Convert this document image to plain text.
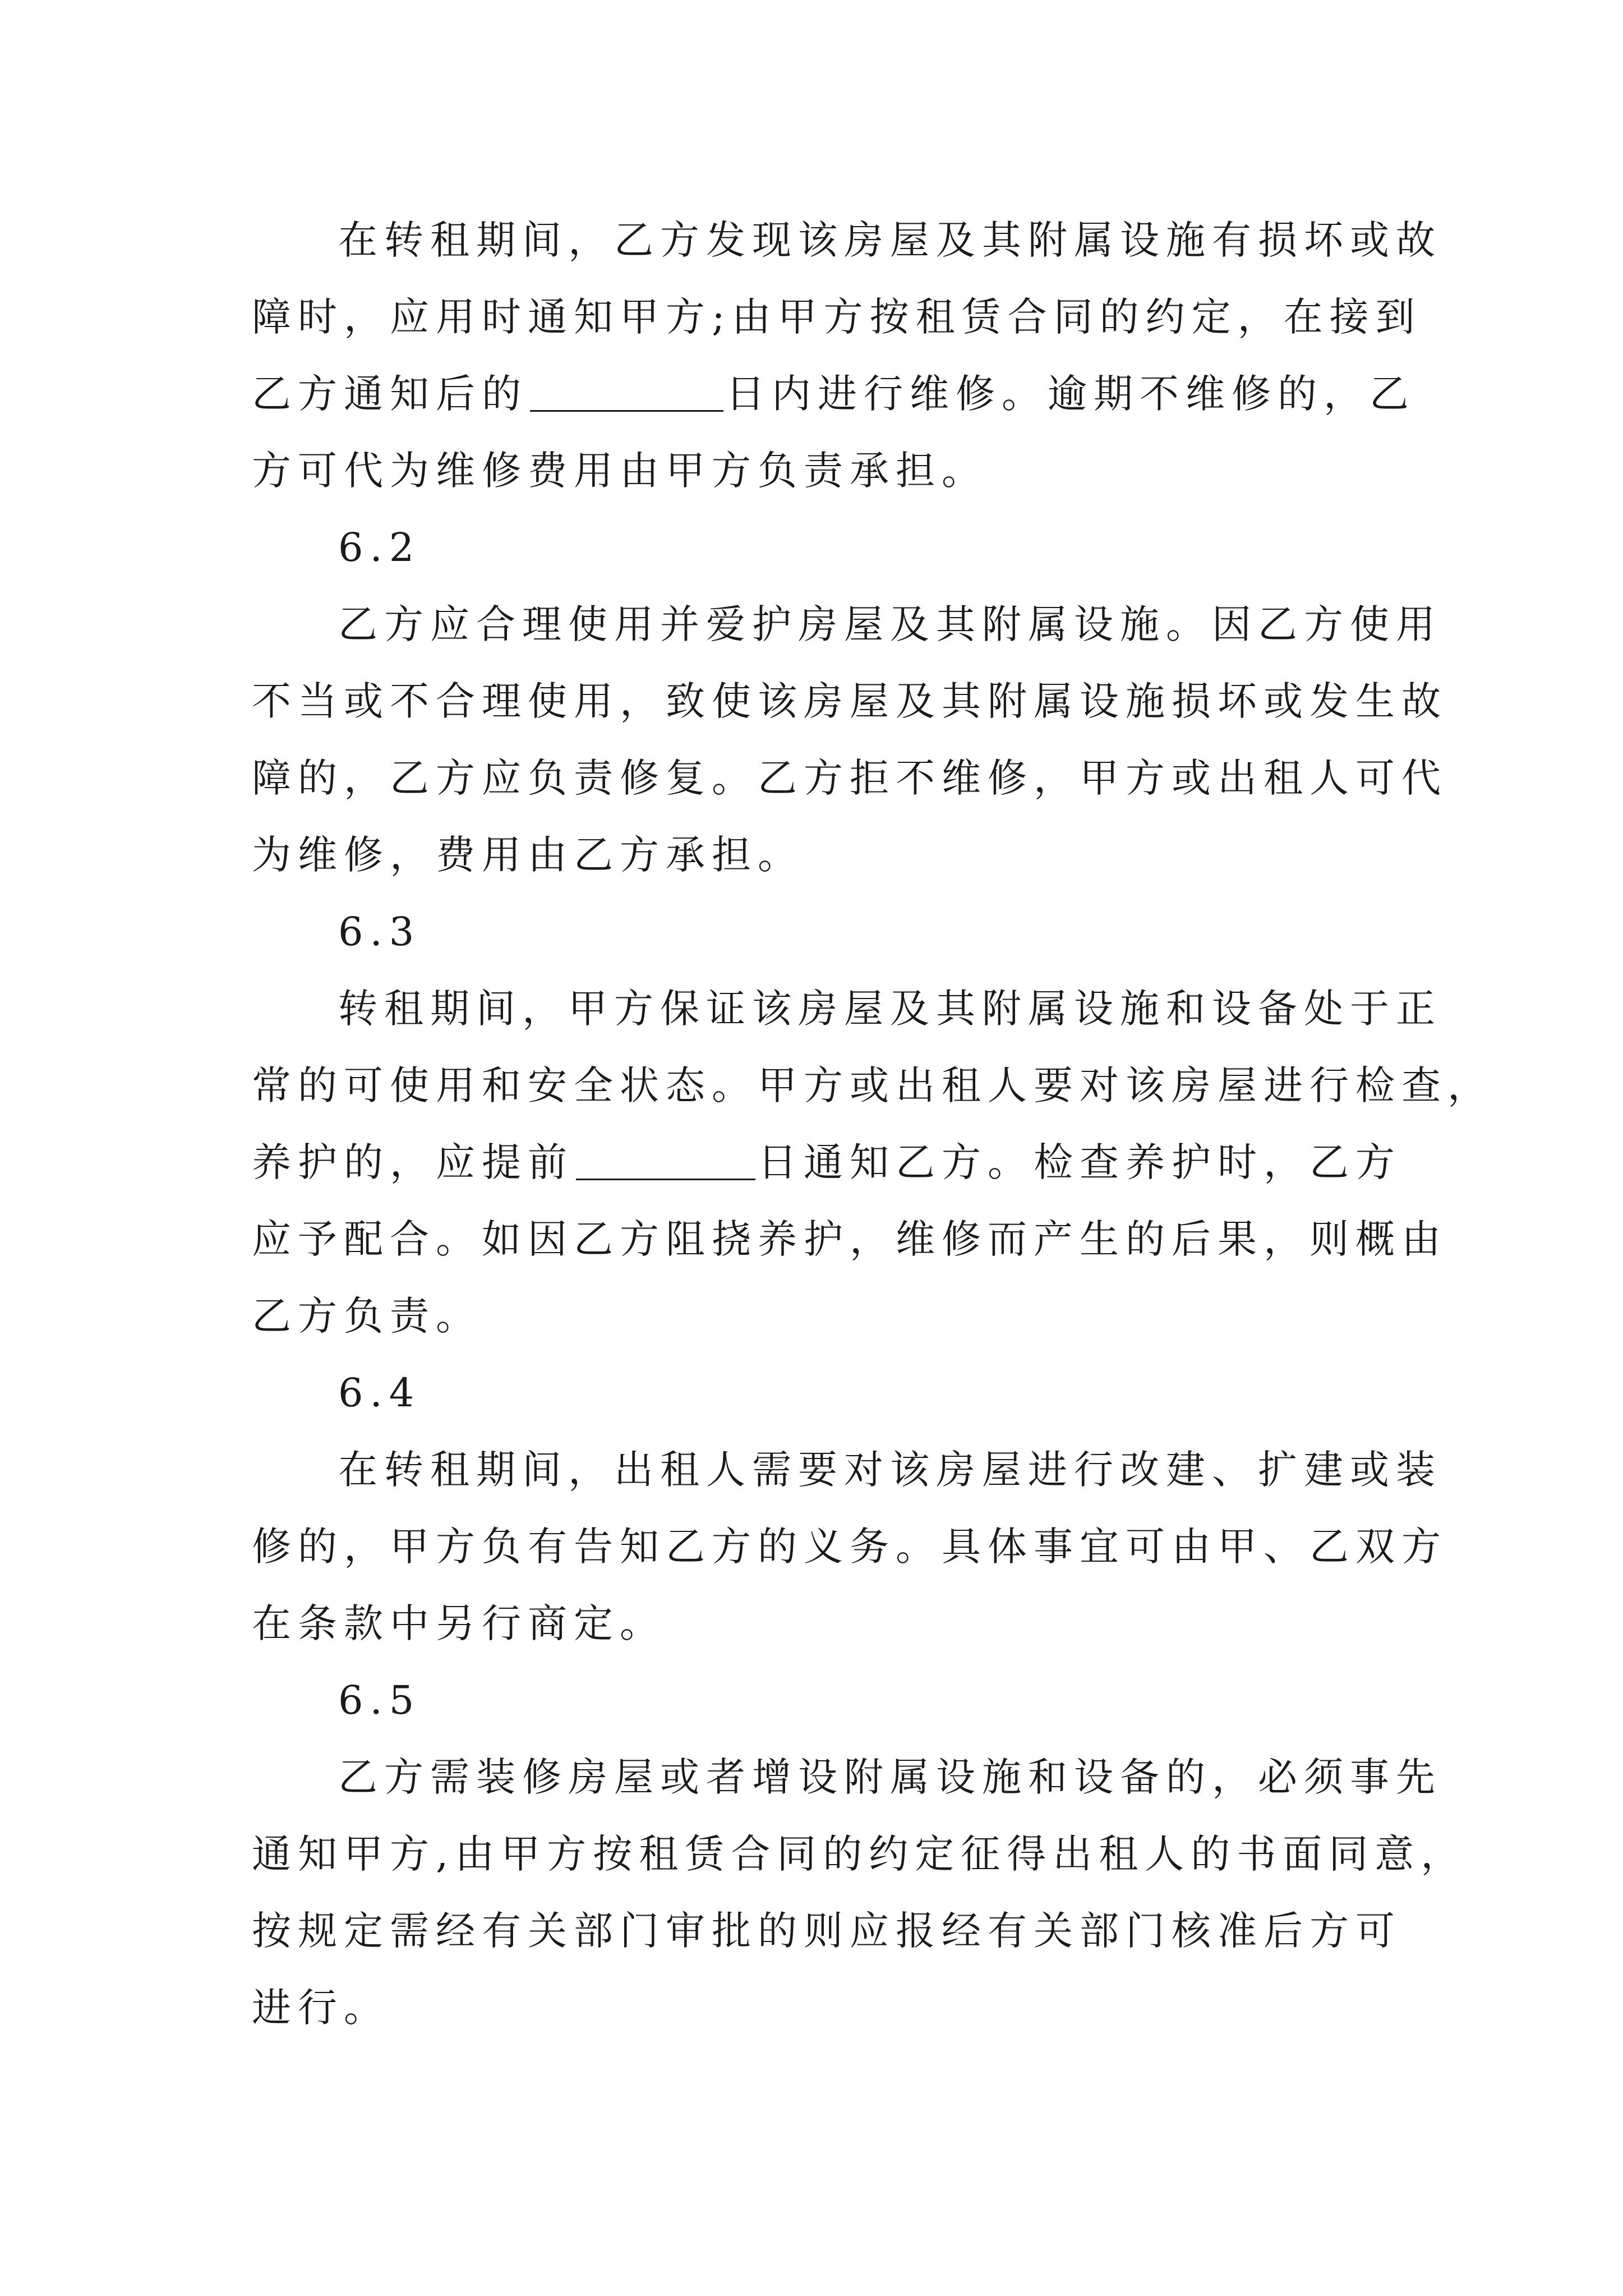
在转租期间，乙方发现该房屋及其附属设施有损坏或故
障时，应用时通知甲方;由甲方按租赁合同的约定，在接到
乙方通知后的	日内进行维修。逾期不维修的，乙
方可代为维修费用由甲方负责承担。
6.2
乙方应合理使用并爱护房屋及其附属设施。因乙方使用
不当或不合理使用，致使该房屋及其附属设施损坏或发生故
障的，乙方应负责修复。乙方拒不维修，甲方或出租人可代
为维修，费用由乙方承担。
6.3
转租期间，甲方保证该房屋及其附属设施和设备处于正
常的可使用和安全状态。甲方或出租人要对该房屋进行检查，
养护的，应提前	日通知乙方。检查养护时，乙方
应予配合。如因乙方阻挠养护，维修而产生的后果，则概由
乙方负责。
6.4
在转租期间，出租人需要对该房屋进行改建、扩建或装
修的，甲方负有告知乙方的义务。具体事宜可由甲、乙双方
在条款中另行商定。
6.5
乙方需装修房屋或者增设附属设施和设备的，必须事先
通知甲方,由甲方按租赁合同的约定征得出租人的书面同意，
按规定需经有关部门审批的则应报经有关部门核准后方可
进行。
